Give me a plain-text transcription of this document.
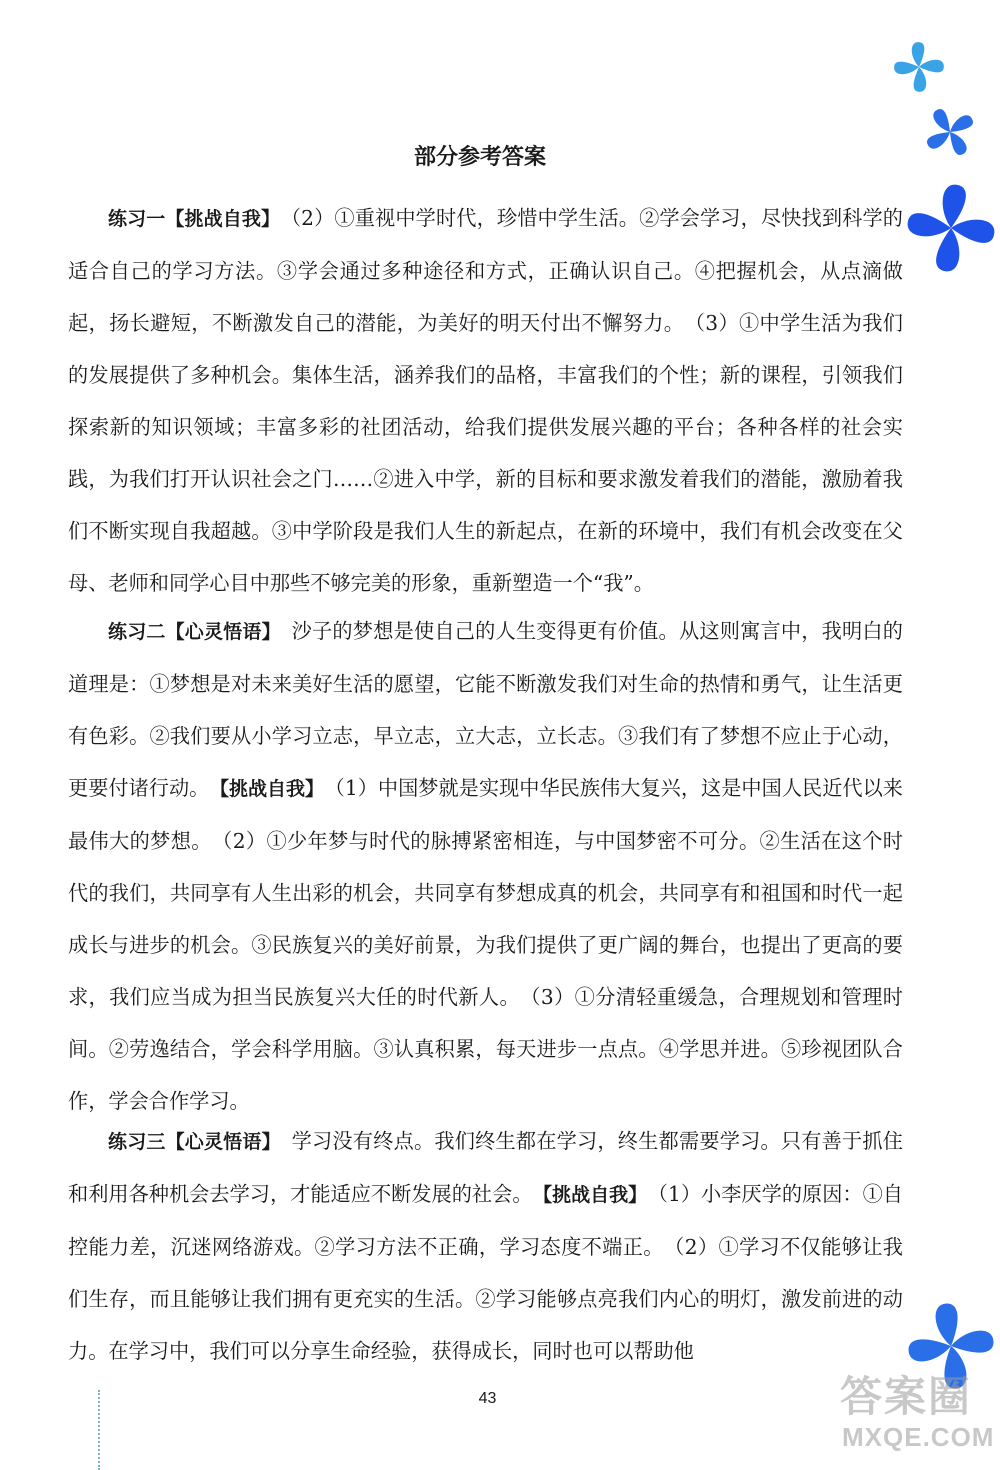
部分参考答案
练习一【挑战自我】　 （2）①重视中学时代，珍惜中学生活。②学会学习，尽快找到科学的适合自己的学习方法。③学会通过多种途径和方式，正确认识自己。④把握机会，从点滴做起，扬长避短，不断激发自己的潜能，为美好的明天付出不懈努力。　（3）①中学生活为我们的发展提供了多种机会。集体生活，涵养我们的品格，丰富我们的个性；新的课程，引领我们探索新的知识领域；丰富多彩的社团活动，给我们提供发展兴趣的平台；各种各样的社会实践，为我们打开认识社会之门……②进入中学，新的目标和要求激发着我们的潜能，激励着我们不断实现自我超越。③中学阶段是我们人生的新起点，在新的环境中，我们有机会改变在父母、老师和同学心目中那些不够完美的形象，重新塑造一个“我”。
练习二【心灵悟语】　 沙子的梦想是使自己的人生变得更有价值。从这则寓言中，我明白的道理是：①梦想是对未来美好生活的愿望，它能不断激发我们对生命的热情和勇气，让生活更有色彩。②我们要从小学习立志，早立志，立大志，立长志。③我们有了梦想不应止于心动，更要付诸行动。　【挑战自我】　 （1）中国梦就是实现中华民族伟大复兴，这是中国人民近代以来最伟大的梦想。　（2）①少年梦与时代的脉搏紧密相连，与中国梦密不可分。②生活在这个时代的我们，共同享有人生出彩的机会，共同享有梦想成真的机会，共同享有和祖国和时代一起成长与进步的机会。③民族复兴的美好前景，为我们提供了更广阔的舞台，也提出了更高的要求，我们应当成为担当民族复兴大任的时代新人。　（3）①分清轻重缓急，合理规划和管理时间。②劳逸结合，学会科学用脑。③认真积累，每天进步一点点。④学思并进。⑤珍视团队合作，学会合作学习。
练习三【心灵悟语】　 学习没有终点。我们终生都在学习，终生都需要学习。只有善于抓住和利用各种机会去学习，才能适应不断发展的社会。　【挑战自我】　 （1）小李厌学的原因：①自控能力差，沉迷网络游戏。②学习方法不正确，学习态度不端正。　（2）①学习不仅能够让我们生存，而且能够让我们拥有更充实的生活。②学习能够点亮我们内心的明灯，激发前进的动力。在学习中，我们可以分享生命经验，获得成长，同时也可以帮助他
43	答案圈
MXQE.COM
